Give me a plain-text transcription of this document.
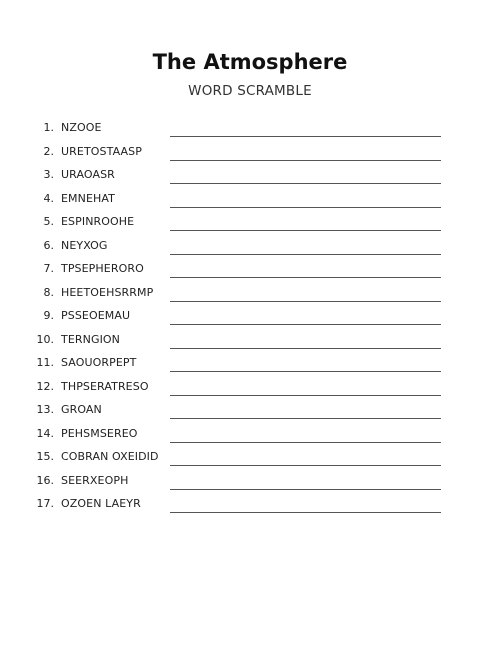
The Atmosphere
WORD SCRAMBLE
1. NZOOE
2. URETOSTAASP
3. URAOASR
4. EMNEHAT
5. ESPINROOHE
6. NEYXOG
7. TPSEPHERORO
8. HEETOEHSRRMP
9. PSSEOEMAU
10. TERNGION
11. SAOUORPEPT
12. THPSERATRESO
13. GROAN
14. PEHSMSEREO
15. COBRAN OXEIDID
16. SEERXEOPH
17. OZOEN LAEYR
